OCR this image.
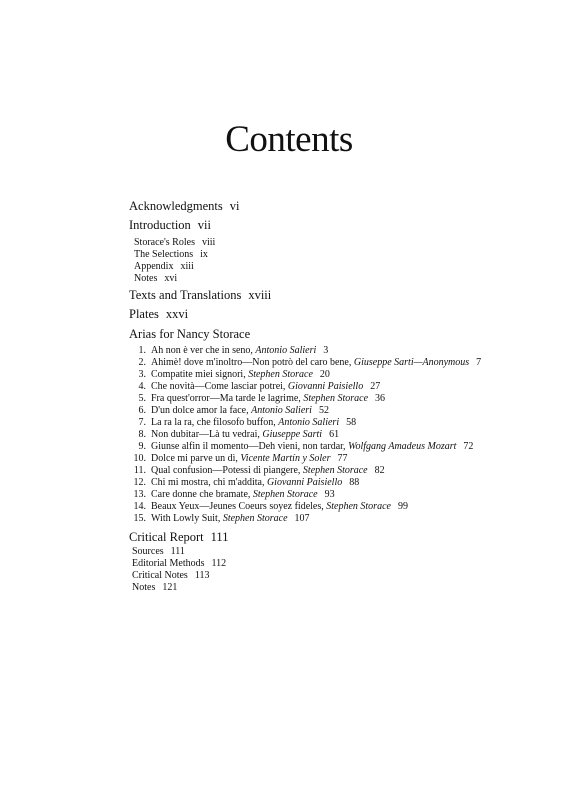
Contents
Acknowledgments vi
Introduction vii
Storace's Roles viii
The Selections ix
Appendix xiii
Notes xvi
Texts and Translations xviii
Plates xxvi
Arias for Nancy Storace
1. Ah non è ver che in seno, Antonio Salieri 3
2. Ahimè! dove m'inoltro—Non potrò del caro bene, Giuseppe Sarti—Anonymous 7
3. Compatite miei signori, Stephen Storace 20
4. Che novità—Come lasciar potrei, Giovanni Paisiello 27
5. Fra quest'orror—Ma tarde le lagrime, Stephen Storace 36
6. D'un dolce amor la face, Antonio Salieri 52
7. La ra la ra, che filosofo buffon, Antonio Salieri 58
8. Non dubitar—Là tu vedrai, Giuseppe Sarti 61
9. Giunse alfin il momento—Deh vieni, non tardar, Wolfgang Amadeus Mozart 72
10. Dolce mi parve un dì, Vicente Martín y Soler 77
11. Qual confusion—Potessi di piangere, Stephen Storace 82
12. Chi mi mostra, chi m'addita, Giovanni Paisiello 88
13. Care donne che bramate, Stephen Storace 93
14. Beaux Yeux—Jeunes Coeurs soyez fideles, Stephen Storace 99
15. With Lowly Suit, Stephen Storace 107
Critical Report 111
Sources 111
Editorial Methods 112
Critical Notes 113
Notes 121
